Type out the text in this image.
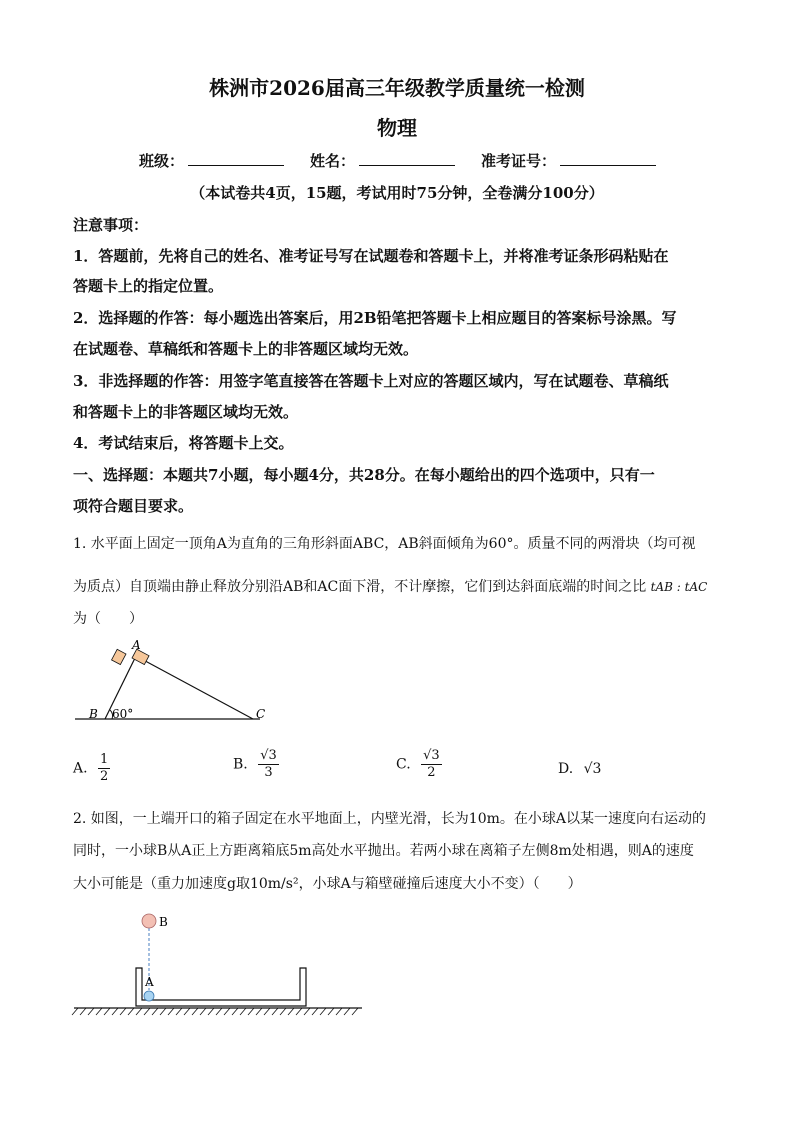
株洲市2026届高三年级教学质量统一检测
物理
班级：	姓名：	准考证号：
（本试卷共4页，15题，考试用时75分钟，全卷满分100分）
注意事项：
1．答题前，先将自己的姓名、准考证号写在试题卷和答题卡上，并将准考证条形码粘贴在
答题卡上的指定位置。
2．选择题的作答：每小题选出答案后，用2B铅笔把答题卡上相应题目的答案标号涂黑。写
在试题卷、草稿纸和答题卡上的非答题区域均无效。
3．非选择题的作答：用签字笔直接答在答题卡上对应的答题区域内，写在试题卷、草稿纸
和答题卡上的非答题区域均无效。
4．考试结束后，将答题卡上交。
一、选择题：本题共7小题，每小题4分，共28分。在每小题给出的四个选项中，只有一
项符合题目要求。
1. 水平面上固定一顶角A为直角的三角形斜面ABC，AB斜面倾角为60°。质量不同的两滑块（均可视
为质点）自顶端由静止释放分别沿AB和AC面下滑，不计摩擦，它们到达斜面底端的时间之比 tAB : tAC
为（　　）
A
B	C
60°
A. $\frac{1}{2}$	B. $\frac{√3}{3}$	C. $\frac{√3}{2}$	D. √3
2. 如图，一上端开口的箱子固定在水平地面上，内壁光滑，长为10m。在小球A以某一速度向右运动的
同时，一小球B从A正上方距离箱底5m高处水平抛出。若两小球在离箱子左侧8m处相遇，则A的速度
大小可能是（重力加速度g取10m/s²，小球A与箱壁碰撞后速度大小不变）（　　）
B
A
